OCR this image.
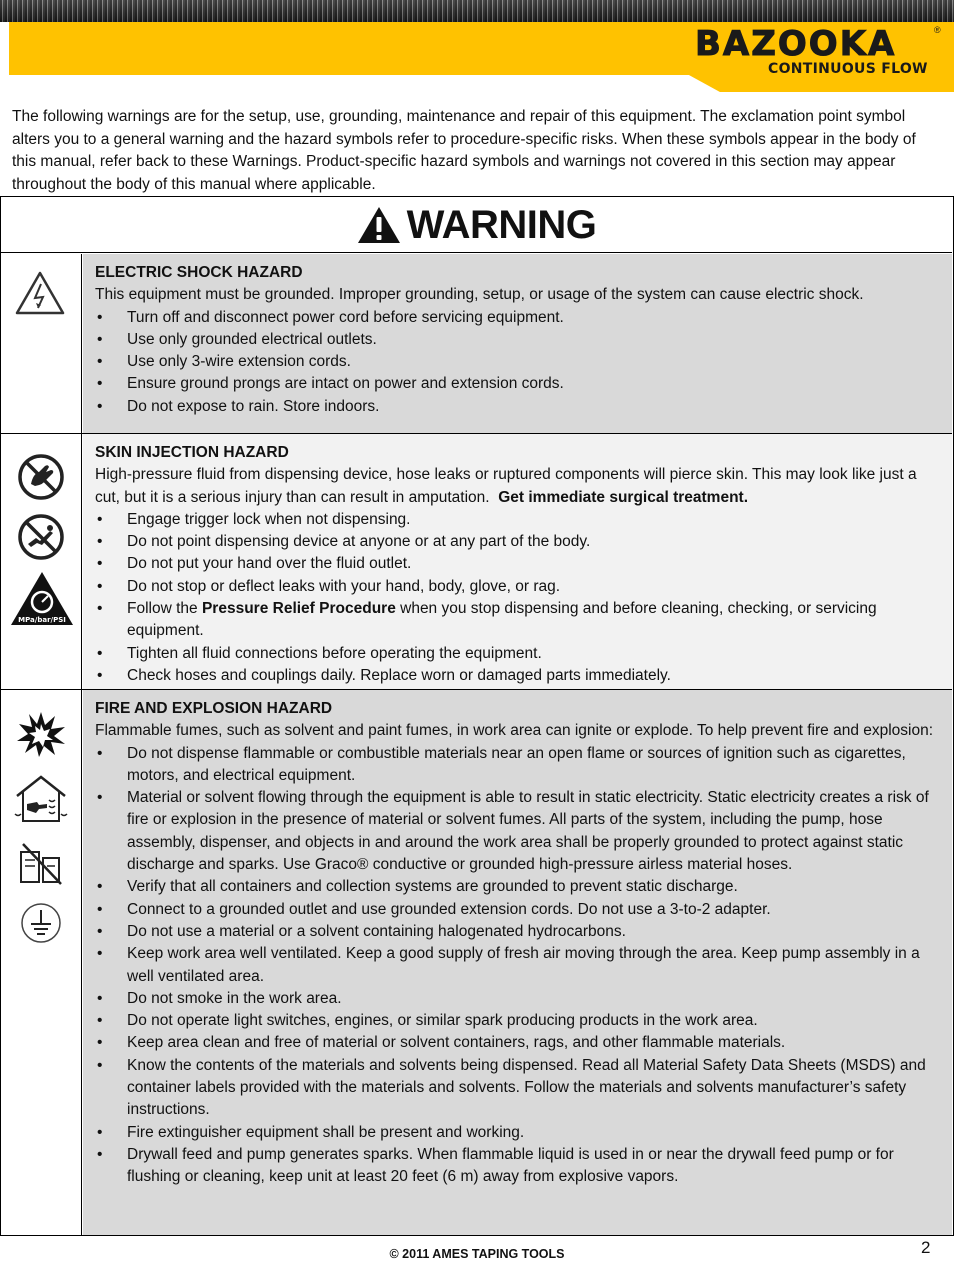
BAZOOKA	®
CONTINUOUS FLOW

The following warnings are for the setup, use, grounding, maintenance and repair of this equipment. The exclamation point symbol alters you to a general warning and the hazard symbols refer to procedure-specific risks. When these symbols appear in the body of this manual, refer back to these Warnings. Product-specific hazard symbols and warnings not covered in this section may appear throughout the body of this manual where applicable.

WARNING
ELECTRIC SHOCK HAZARD
This equipment must be grounded. Improper grounding, setup, or usage of the system can cause electric shock.
• Turn off and disconnect power cord before servicing equipment.
• Use only grounded electrical outlets.
• Use only 3-wire extension cords.
• Ensure ground prongs are intact on power and extension cords.
• Do not expose to rain. Store indoors.
MPa/bar/PSI
SKIN INJECTION HAZARD
High-pressure fluid from dispensing device, hose leaks or ruptured components will pierce skin. This may look like just a cut, but it is a serious injury than can result in amputation. Get immediate surgical treatment.
• Engage trigger lock when not dispensing.
• Do not point dispensing device at anyone or at any part of the body.
• Do not put your hand over the fluid outlet.
• Do not stop or deflect leaks with your hand, body, glove, or rag.
• Follow the Pressure Relief Procedure when you stop dispensing and before cleaning, checking, or servicing equipment.
• Tighten all fluid connections before operating the equipment.
• Check hoses and couplings daily. Replace worn or damaged parts immediately.
FIRE AND EXPLOSION HAZARD
Flammable fumes, such as solvent and paint fumes, in work area can ignite or explode. To help prevent fire and explosion:
• Do not dispense flammable or combustible materials near an open flame or sources of ignition such as cigarettes, motors, and electrical equipment.
• Material or solvent flowing through the equipment is able to result in static electricity. Static electricity creates a risk of fire or explosion in the presence of material or solvent fumes. All parts of the system, including the pump, hose assembly, dispenser, and objects in and around the work area shall be properly grounded to protect against static discharge and sparks. Use Graco® conductive or grounded high-pressure airless material hoses.
• Verify that all containers and collection systems are grounded to prevent static discharge.
• Connect to a grounded outlet and use grounded extension cords. Do not use a 3-to-2 adapter.
• Do not use a material or a solvent containing halogenated hydrocarbons.
• Keep work area well ventilated. Keep a good supply of fresh air moving through the area. Keep pump assembly in a well ventilated area.
• Do not smoke in the work area.
• Do not operate light switches, engines, or similar spark producing products in the work area.
• Keep area clean and free of material or solvent containers, rags, and other flammable materials.
• Know the contents of the materials and solvents being dispensed. Read all Material Safety Data Sheets (MSDS) and container labels provided with the materials and solvents. Follow the materials and solvents manufacturer’s safety instructions.
• Fire extinguisher equipment shall be present and working.
• Drywall feed and pump generates sparks. When flammable liquid is used in or near the drywall feed pump or for flushing or cleaning, keep unit at least 20 feet (6 m) away from explosive vapors.
© 2011 AMES TAPING TOOLS	2
